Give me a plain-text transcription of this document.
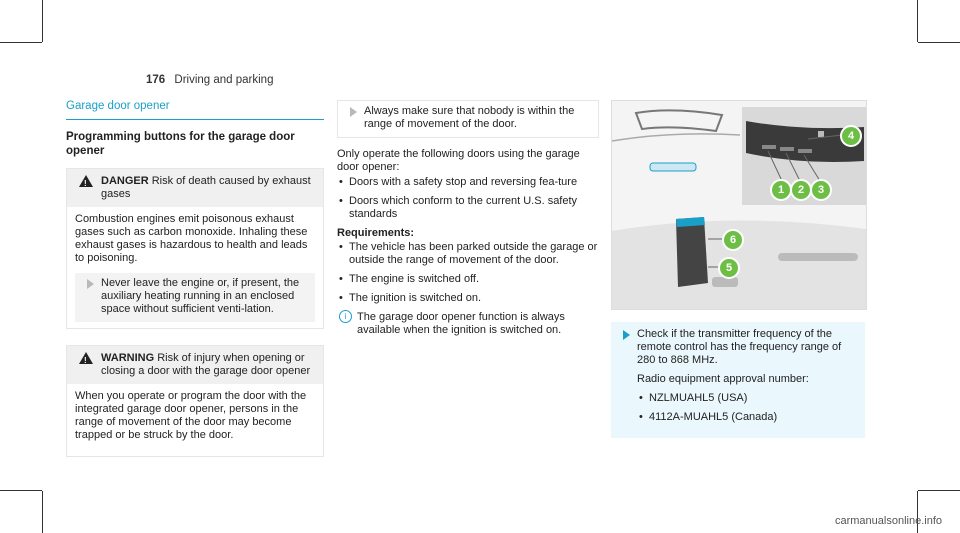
176 Driving and parking
Garage door opener
Programming buttons for the garage door opener
! DANGER Risk of death caused by exhaust gases

Combustion engines emit poisonous exhaust gases such as carbon monoxide. Inhaling these exhaust gases is hazardous to health and leads to poisoning.

Never leave the engine or, if present, the auxiliary heating running in an enclosed space without sufficient venti-lation.
! WARNING Risk of injury when opening or closing a door with the garage door opener

When you operate or program the door with the integrated garage door opener, persons in the range of movement of the door may become trapped or be struck by the door.

Always make sure that nobody is within the range of movement of the door.

Only operate the following doors using the garage door opener:

• Doors with a safety stop and reversing fea-ture
• Doors which conform to the current U.S. safety standards
Requirements:
• The vehicle has been parked outside the garage or outside the range of movement of the door.
• The engine is switched off.
• The ignition is switched on.
i The garage door opener function is always available when the ignition is switched on.
1	2	3
4
5
6

Check if the transmitter frequency of the remote control has the frequency range of 280 to 868 MHz.

Radio equipment approval number:

• NZLMUAHL5 (USA)
• 4112A-MUAHL5 (Canada)
carmanualsonline.info
